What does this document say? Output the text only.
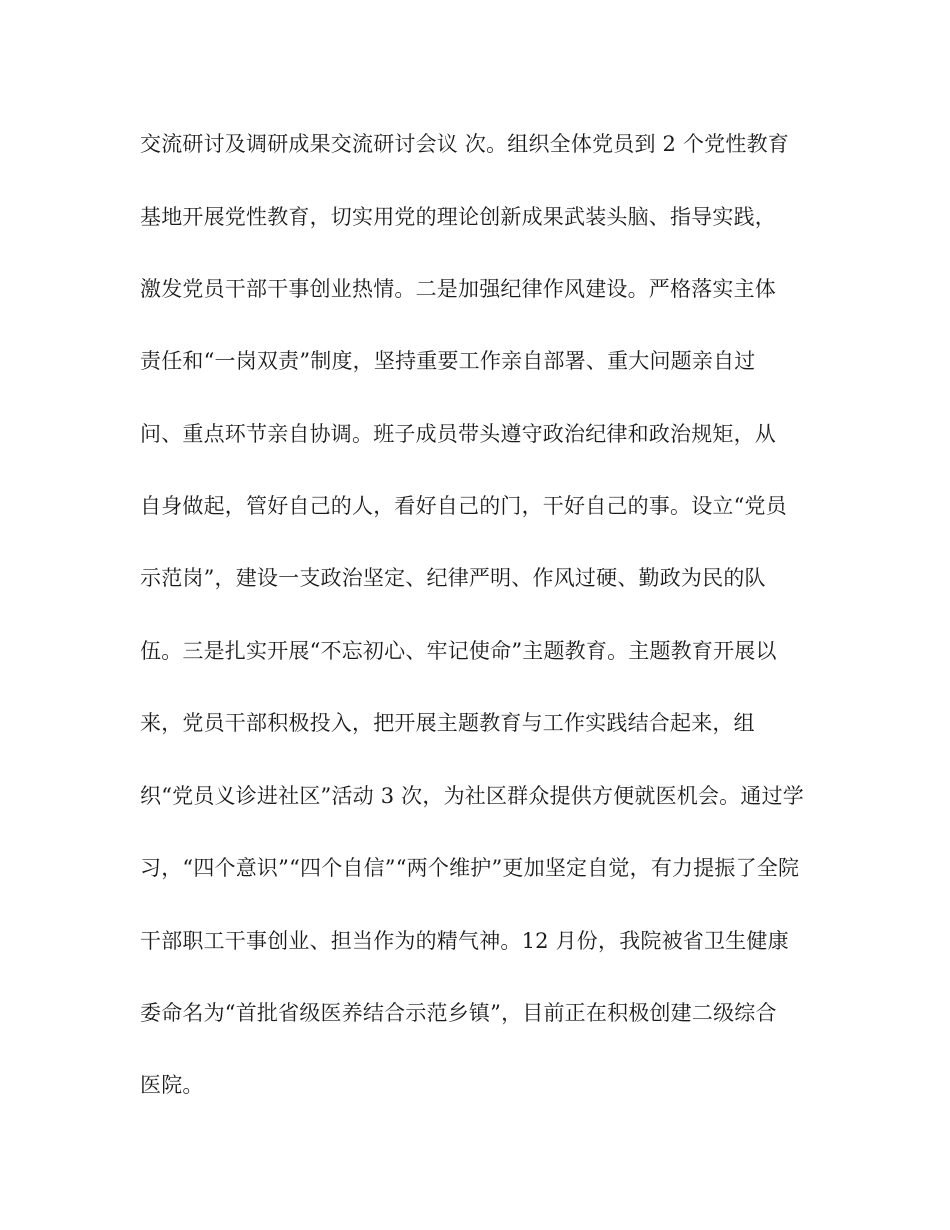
交流研讨及调研成果交流研讨会议 次。组织全体党员到 2 个党性教育
基地开展党性教育，切实用党的理论创新成果武装头脑、指导实践，
激发党员干部干事创业热情。二是加强纪律作风建设。严格落实主体
责任和“一岗双责”制度，坚持重要工作亲自部署、重大问题亲自过
问、重点环节亲自协调。班子成员带头遵守政治纪律和政治规矩，从
自身做起，管好自己的人，看好自己的门，干好自己的事。设立“党员
示范岗”，建设一支政治坚定、纪律严明、作风过硬、勤政为民的队
伍。三是扎实开展“不忘初心、牢记使命”主题教育。主题教育开展以
来，党员干部积极投入，把开展主题教育与工作实践结合起来，组
织“党员义诊进社区”活动 3 次，为社区群众提供方便就医机会。通过学
习，“四个意识”“四个自信”“两个维护”更加坚定自觉，有力提振了全院
干部职工干事创业、担当作为的精气神。12 月份，我院被省卫生健康
委命名为“首批省级医养结合示范乡镇”，目前正在积极创建二级综合
医院。
